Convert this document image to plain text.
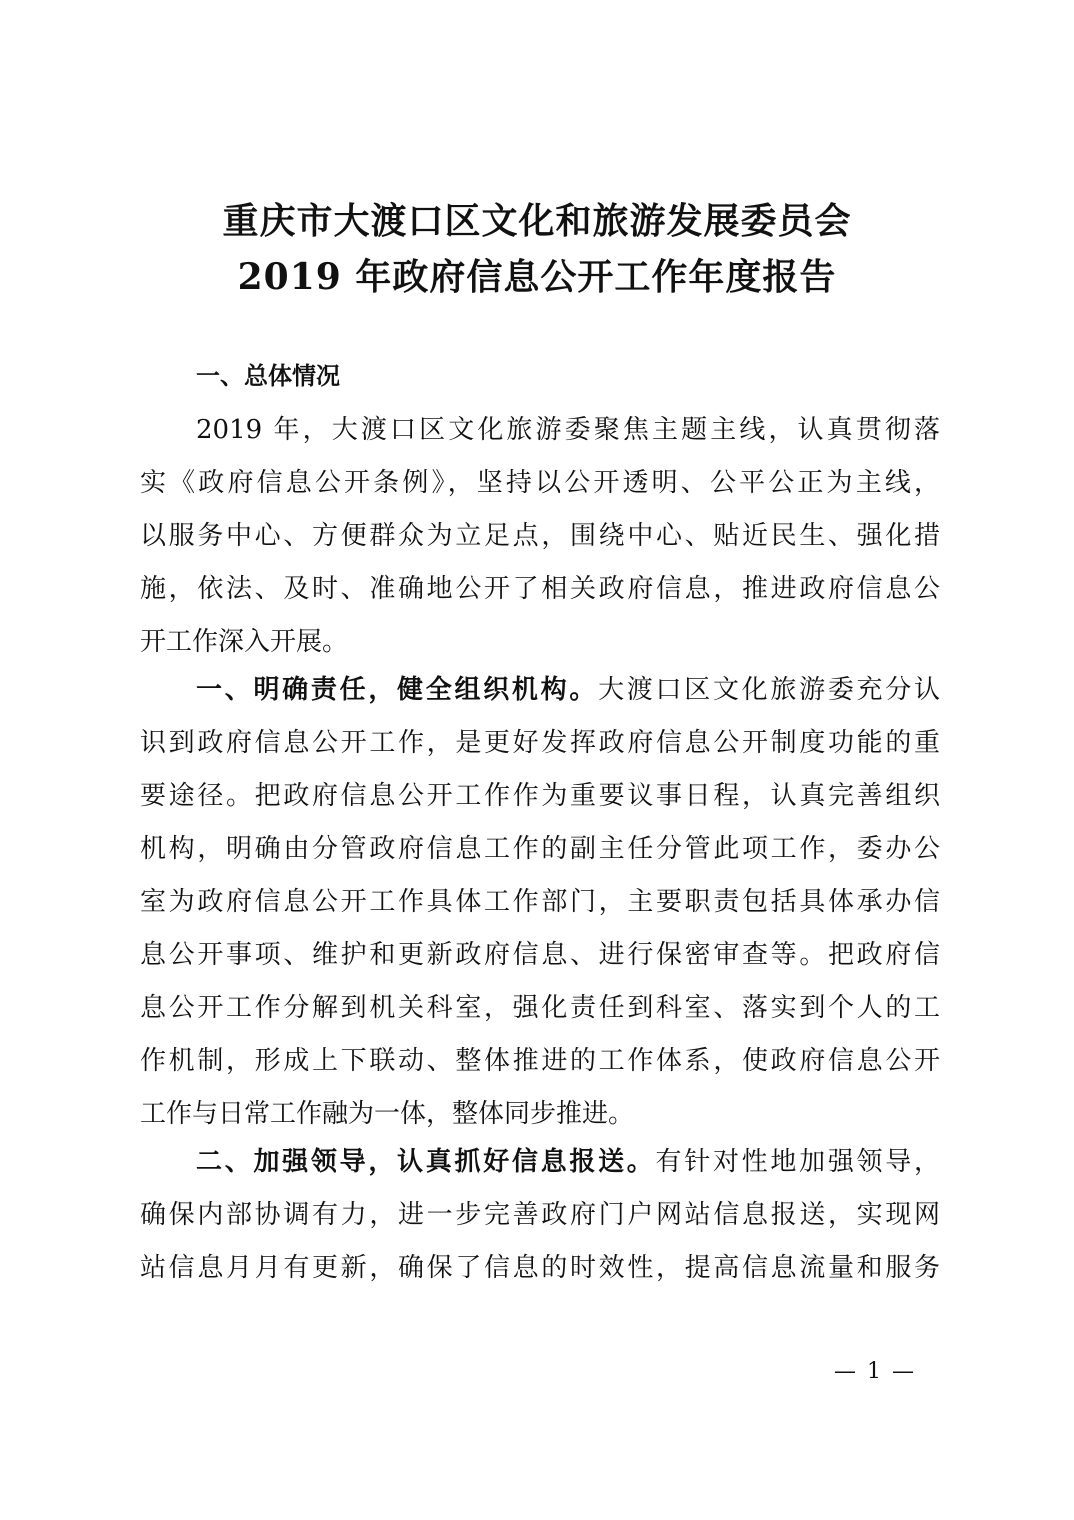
重庆市大渡口区文化和旅游发展委员会
2019 年政府信息公开工作年度报告
一、总体情况
2019 年，大渡口区文化旅游委聚焦主题主线，认真贯彻落
实《政府信息公开条例》，坚持以公开透明、公平公正为主线，
以服务中心、方便群众为立足点，围绕中心、贴近民生、强化措
施，依法、及时、准确地公开了相关政府信息，推进政府信息公
开工作深入开展。
一、明确责任，健全组织机构。大渡口区文化旅游委充分认
识到政府信息公开工作，是更好发挥政府信息公开制度功能的重
要途径。把政府信息公开工作作为重要议事日程，认真完善组织
机构，明确由分管政府信息工作的副主任分管此项工作，委办公
室为政府信息公开工作具体工作部门，主要职责包括具体承办信
息公开事项、维护和更新政府信息、进行保密审查等。把政府信
息公开工作分解到机关科室，强化责任到科室、落实到个人的工
作机制，形成上下联动、整体推进的工作体系，使政府信息公开
工作与日常工作融为一体，整体同步推进。
二、加强领导，认真抓好信息报送。有针对性地加强领导，
确保内部协调有力，进一步完善政府门户网站信息报送，实现网
站信息月月有更新，确保了信息的时效性，提高信息流量和服务
— 1 —
